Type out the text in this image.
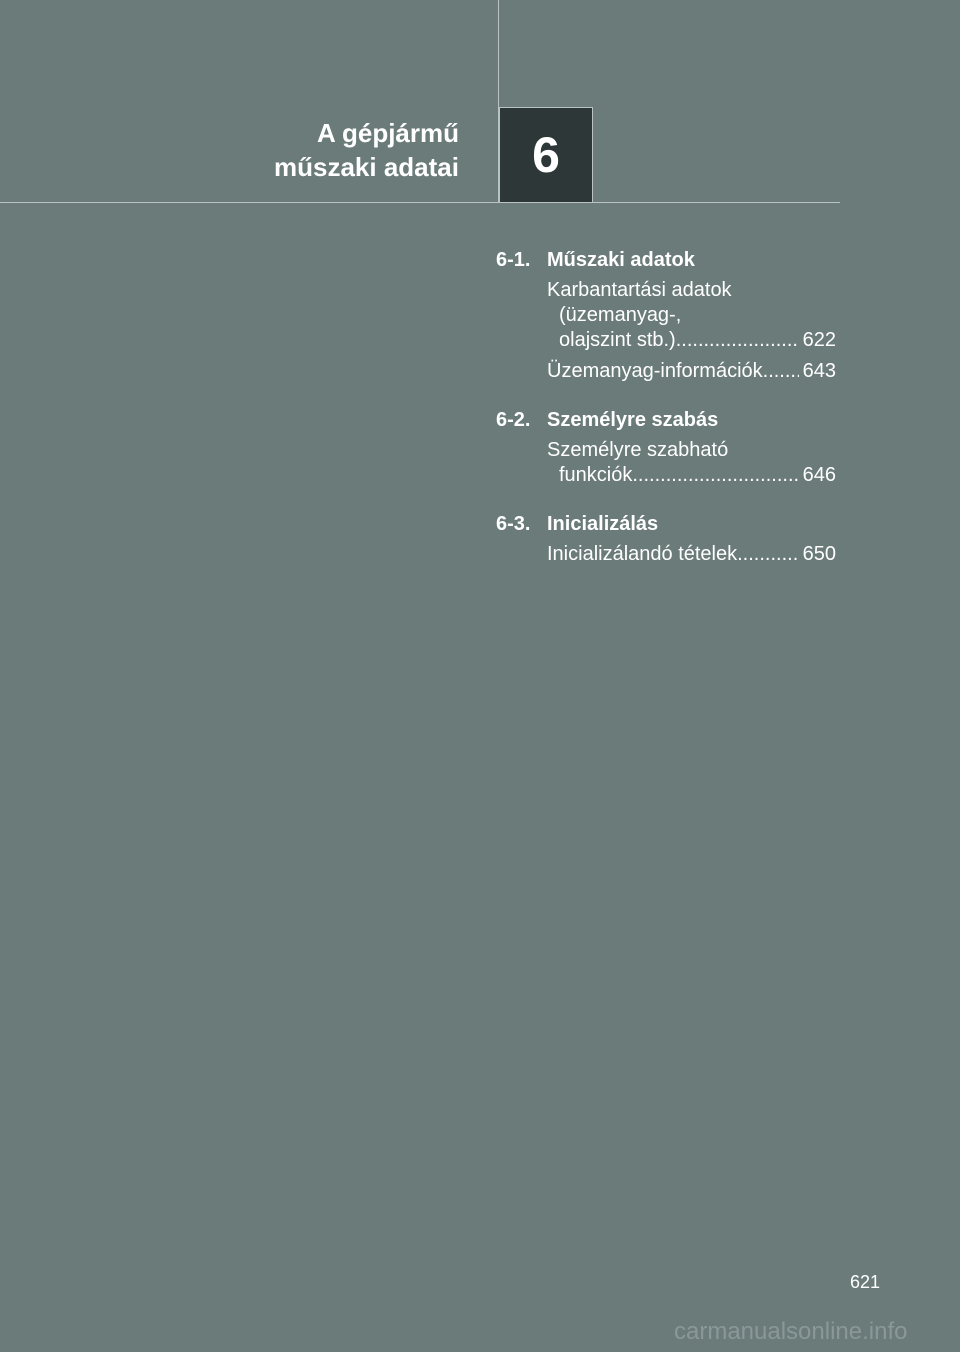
A gépjármű
műszaki adatai 6
6-1. Műszaki adatok
Karbantartási adatok
(üzemanyag-,
olajszint stb.) .....	622
Üzemanyag-információk ..... 643
6-2. Személyre szabás
Személyre szabható
funkciók .....	646
6-3. Inicializálás
Inicializálandó tételek .....	650
621
carmanualsonline.info
